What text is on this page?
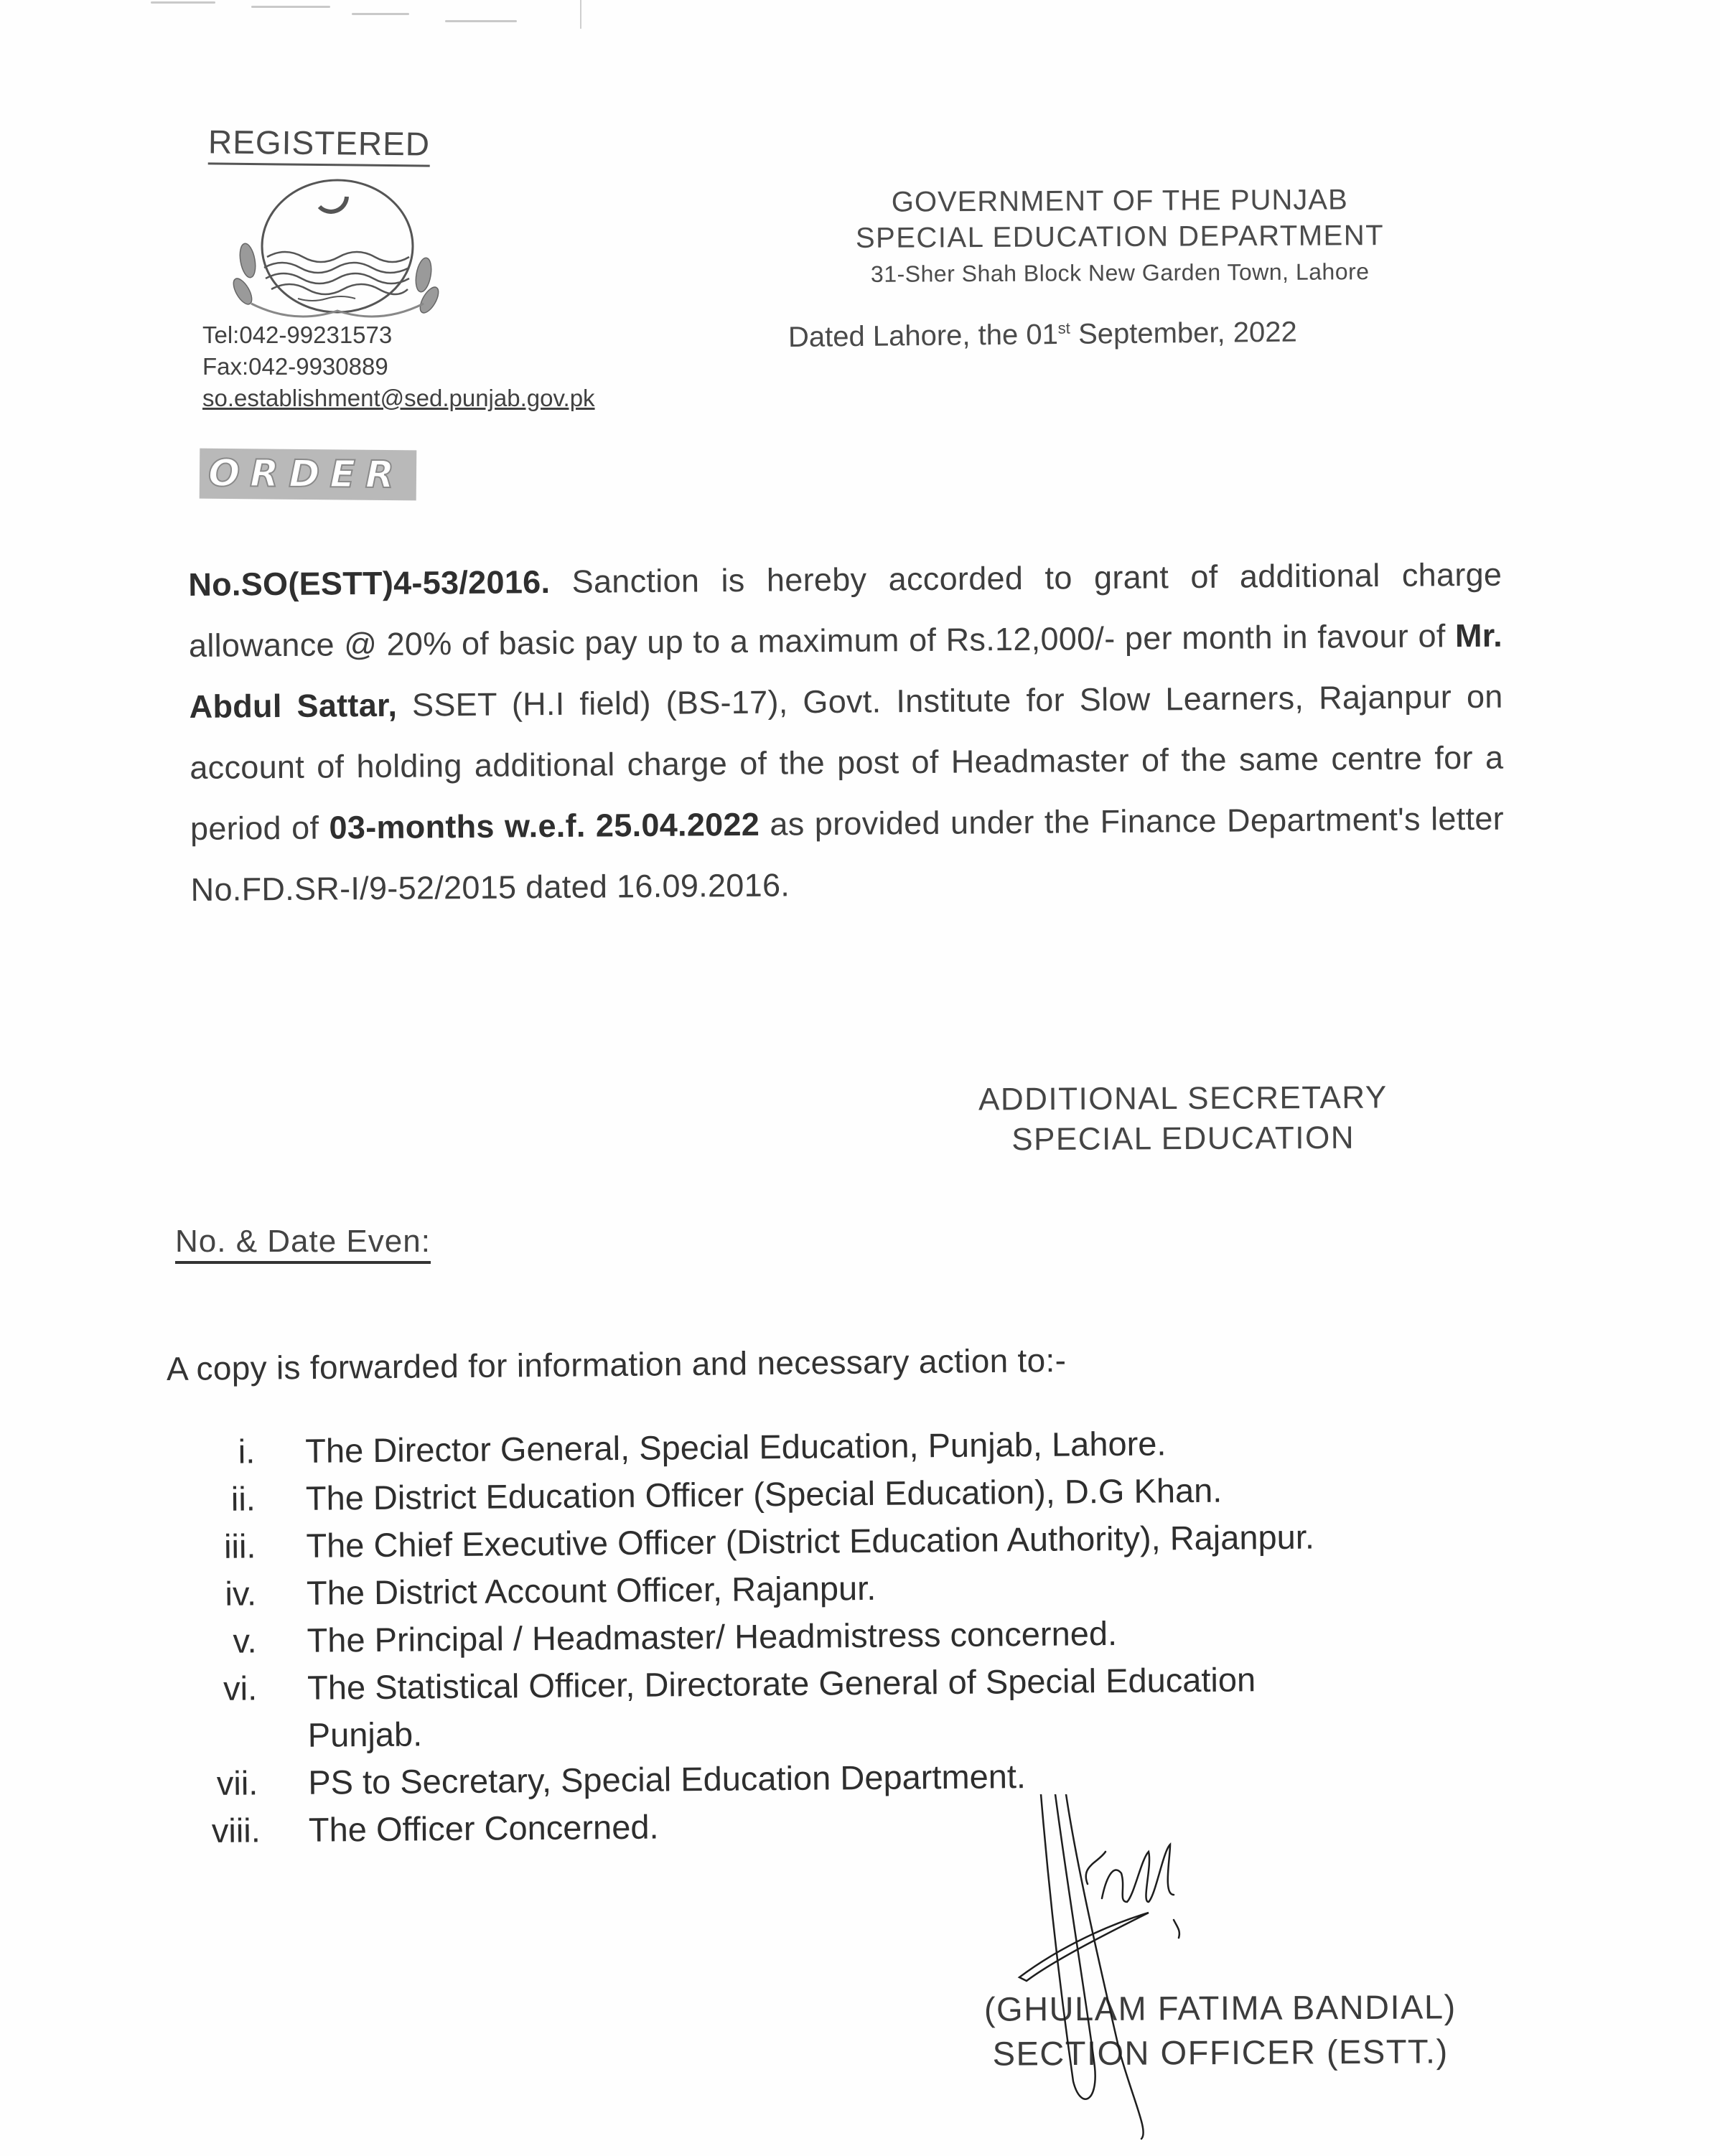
REGISTERED
Tel:042-99231573
Fax:042-9930889
so.establishment@sed.punjab.gov.pk
GOVERNMENT OF THE PUNJAB
SPECIAL EDUCATION DEPARTMENT
31-Sher Shah Block New Garden Town, Lahore
Dated Lahore, the 01st September, 2022
ORDER
No.SO(ESTT)4-53/2016. Sanction is hereby accorded to grant of additional charge allowance @ 20% of basic pay up to a maximum of Rs.12,000/- per month in favour of Mr. Abdul Sattar, SSET (H.I field) (BS-17), Govt. Institute for Slow Learners, Rajanpur on account of holding additional charge of the post of Headmaster of the same centre for a period of 03-months w.e.f. 25.04.2022 as provided under the Finance Department's letter No.FD.SR-I/9-52/2015 dated 16.09.2016.
ADDITIONAL SECRETARY
SPECIAL EDUCATION
No. & Date Even:
A copy is forwarded for information and necessary action to:-
i.	The Director General, Special Education, Punjab, Lahore.
ii.	The District Education Officer (Special Education), D.G Khan.
iii.	The Chief Executive Officer (District Education Authority), Rajanpur.
iv.	The District Account Officer, Rajanpur.
v.	The Principal / Headmaster/ Headmistress concerned.
vi.	The Statistical Officer, Directorate General of Special Education
Punjab.
vii.	PS to Secretary, Special Education Department.
viii.	The Officer Concerned.
(GHULAM FATIMA BANDIAL)
SECTION OFFICER (ESTT.)
